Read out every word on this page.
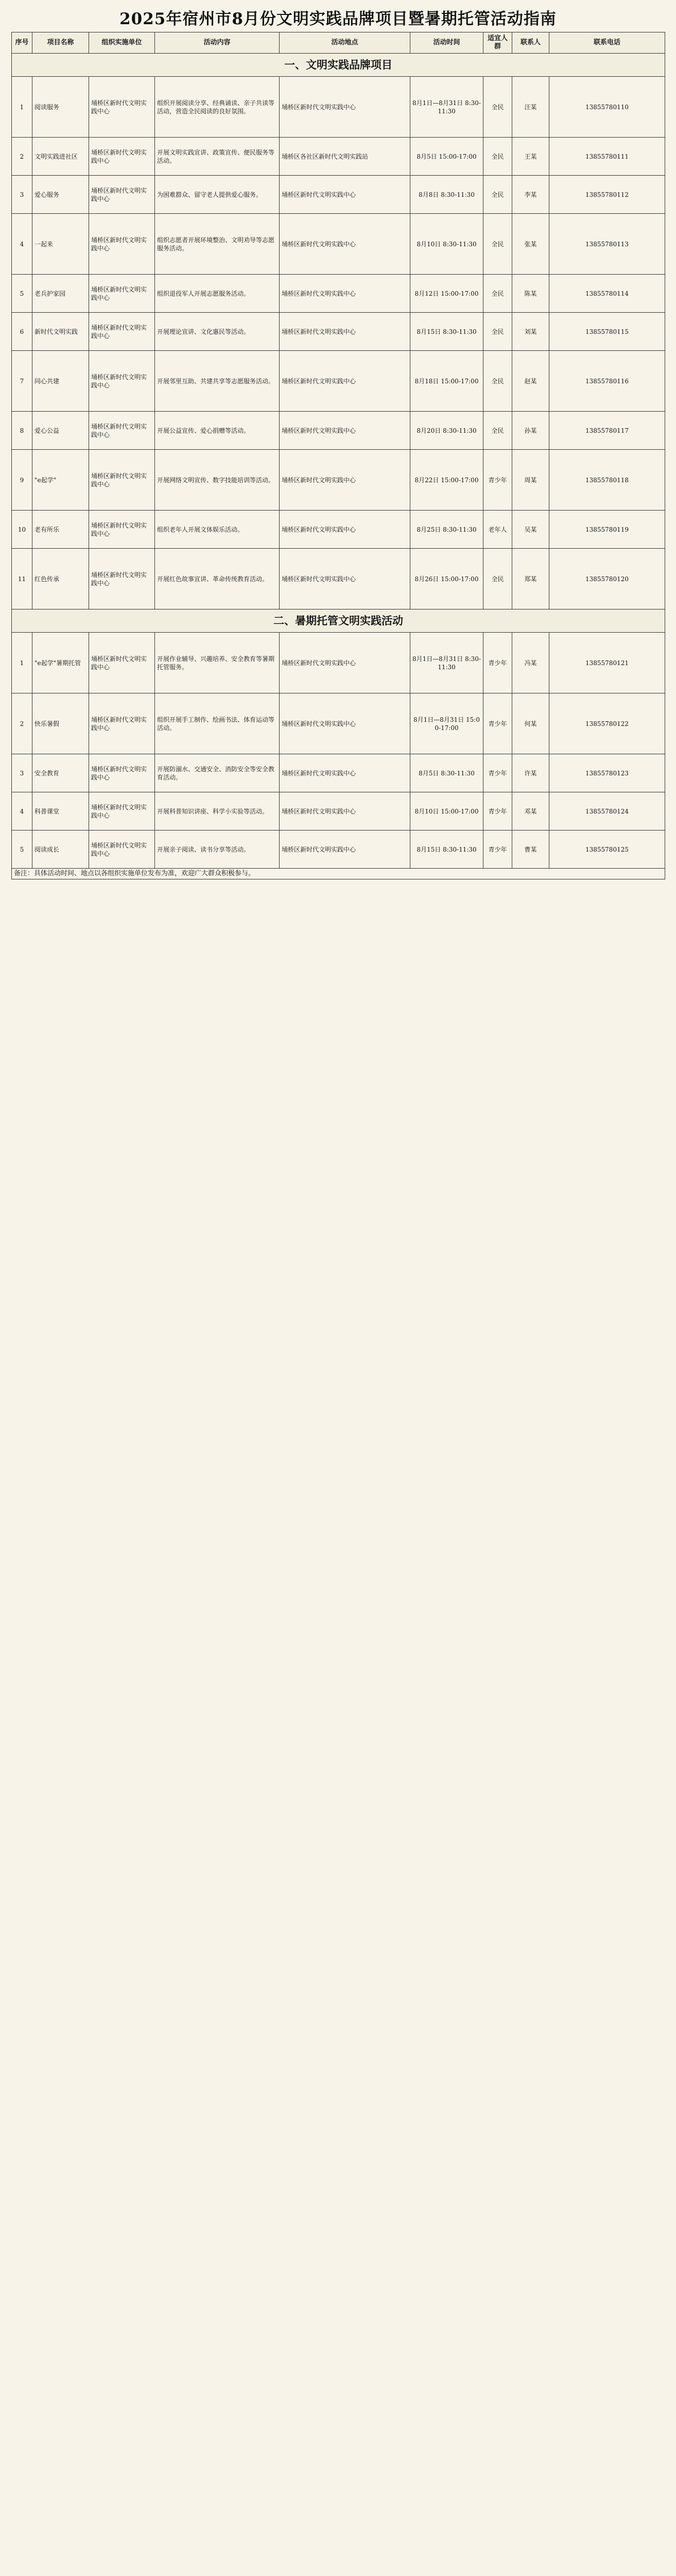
2025年宿州市8月份文明实践品牌项目暨暑期托管活动指南
序号	项目名称	组织实施单位	活动内容	活动地点	活动时间	适宜人群	联系人	联系电话
一、文明实践品牌项目								
1	阅读服务	埇桥区新时代文明实践中心	组织开展阅读分享、经典诵读、亲子共读等活动，营造全民阅读的良好氛围。	埇桥区新时代文明实践中心	8月1日—8月31日 8:30-11:30	全民	汪某	13855780110
2	文明实践进社区	埇桥区新时代文明实践中心	开展文明实践宣讲、政策宣传、便民服务等活动。	埇桥区各社区新时代文明实践站	8月5日 15:00-17:00	全民	王某	13855780111
3	爱心服务	埇桥区新时代文明实践中心	为困难群众、留守老人提供爱心服务。	埇桥区新时代文明实践中心	8月8日 8:30-11:30	全民	李某	13855780112
4	一起来	埇桥区新时代文明实践中心	组织志愿者开展环境整治、文明劝导等志愿服务活动。	埇桥区新时代文明实践中心	8月10日 8:30-11:30	全民	张某	13855780113
5	老兵护家园	埇桥区新时代文明实践中心	组织退役军人开展志愿服务活动。	埇桥区新时代文明实践中心	8月12日 15:00-17:00	全民	陈某	13855780114
6	新时代文明实践	埇桥区新时代文明实践中心	开展理论宣讲、文化惠民等活动。	埇桥区新时代文明实践中心	8月15日 8:30-11:30	全民	刘某	13855780115
7	同心共建	埇桥区新时代文明实践中心	开展邻里互助、共建共享等志愿服务活动。	埇桥区新时代文明实践中心	8月18日 15:00-17:00	全民	赵某	13855780116
8	爱心公益	埇桥区新时代文明实践中心	开展公益宣传、爱心捐赠等活动。	埇桥区新时代文明实践中心	8月20日 8:30-11:30	全民	孙某	13855780117
9	"e起学"	埇桥区新时代文明实践中心	开展网络文明宣传、数字技能培训等活动。	埇桥区新时代文明实践中心	8月22日 15:00-17:00	青少年	周某	13855780118
10	老有所乐	埇桥区新时代文明实践中心	组织老年人开展文体娱乐活动。	埇桥区新时代文明实践中心	8月25日 8:30-11:30	老年人	吴某	13855780119
11	红色传承	埇桥区新时代文明实践中心	开展红色故事宣讲、革命传统教育活动。	埇桥区新时代文明实践中心	8月26日 15:00-17:00	全民	郑某	13855780120
二、暑期托管文明实践活动								
1	"e起学"暑期托管	埇桥区新时代文明实践中心	开展作业辅导、兴趣培养、安全教育等暑期托管服务。	埇桥区新时代文明实践中心	8月1日—8月31日 8:30-11:30	青少年	冯某	13855780121
2	快乐暑假	埇桥区新时代文明实践中心	组织开展手工制作、绘画书法、体育运动等活动。	埇桥区新时代文明实践中心	8月1日—8月31日 15:00-17:00	青少年	何某	13855780122
3	安全教育	埇桥区新时代文明实践中心	开展防溺水、交通安全、消防安全等安全教育活动。	埇桥区新时代文明实践中心	8月5日 8:30-11:30	青少年	许某	13855780123
4	科普课堂	埇桥区新时代文明实践中心	开展科普知识讲座、科学小实验等活动。	埇桥区新时代文明实践中心	8月10日 15:00-17:00	青少年	邓某	13855780124
5	阅读成长	埇桥区新时代文明实践中心	开展亲子阅读、读书分享等活动。	埇桥区新时代文明实践中心	8月15日 8:30-11:30	青少年	曹某	13855780125
备注：具体活动时间、地点以各组织实施单位发布为准，欢迎广大群众积极参与。								
